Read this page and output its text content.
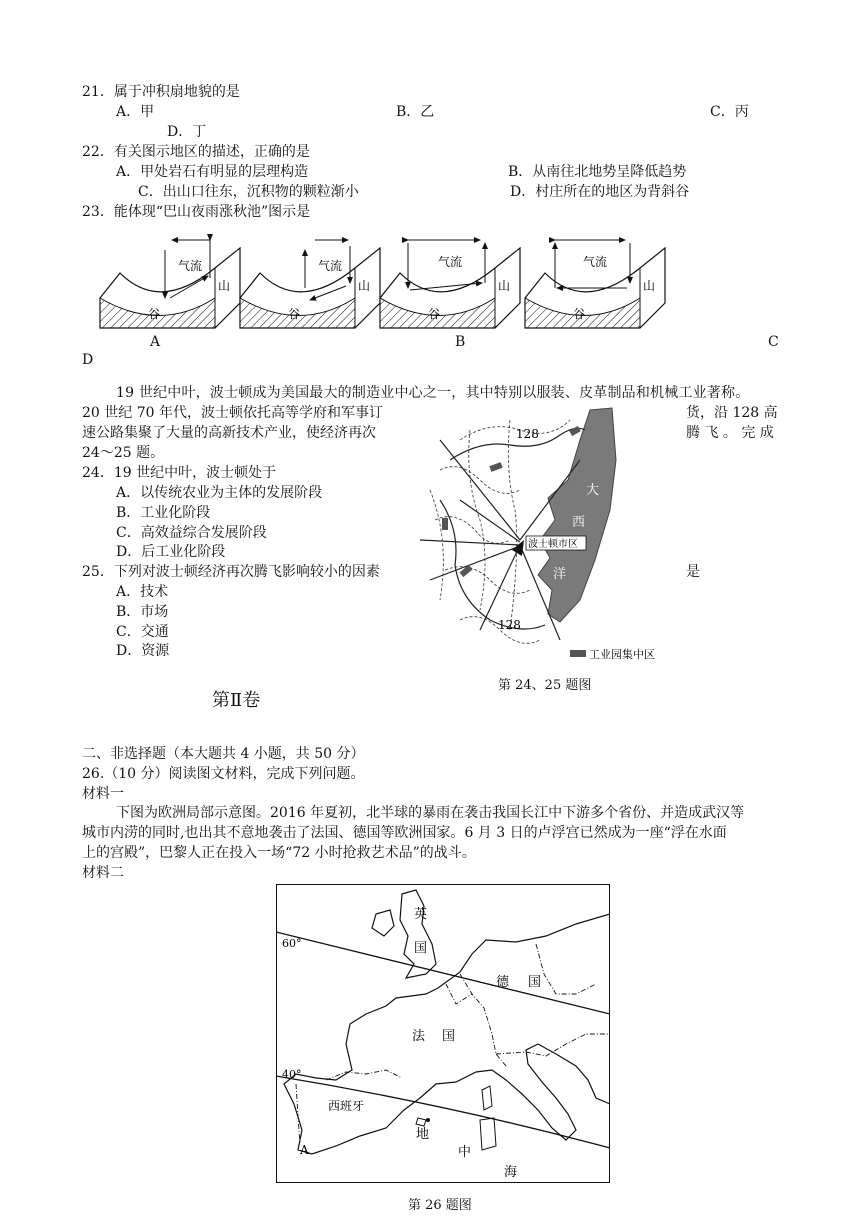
21．属于冲积扇地貌的是
A．甲	B．乙	C．丙
D．丁
22．有关图示地区的描述，正确的是
A．甲处岩石有明显的层理构造	B．从南往北地势呈降低趋势
C．出山口往东，沉积物的颗粒渐小	D．村庄所在的地区为背斜谷
23．能体现“巴山夜雨涨秋池”图示是
气流
山
谷
气流
山
谷
气流
山
谷
气流
山
谷
A	B	C
D
19 世纪中叶，波士顿成为美国最大的制造业中心之一，其中特别以服装、皮革制品和机械工业著称。
20 世纪 70 年代，波士顿依托高等学府和军事订	货，沿 128 高
速公路集聚了大量的高新技术产业，使经济再次	腾 飞 。 完 成
24～25 题。
24．19 世纪中叶，波士顿处于
A．以传统农业为主体的发展阶段
B．工业化阶段
C．高效益综合发展阶段
D．后工业化阶段
25．下列对波士顿经济再次腾飞影响较小的因素	是
A．技术
B．市场
C．交通
D．资源
波士顿市区
128
128
大
西
洋
工业园集中区
第 24、25 题图
第Ⅱ卷
二、非选择题（本大题共 4 小题，共 50 分）
26.（10 分）阅读图文材料，完成下列问题。
材料一
下图为欧洲局部示意图。2016 年夏初，北半球的暴雨在袭击我国长江中下游多个省份、并造成武汉等
城市内涝的同时,也出其不意地袭击了法国、德国等欧洲国家。6 月 3 日的卢浮宫已然成为一座“浮在水面
上的宫殿”，巴黎人正在投入一场“72 小时抢救艺术品”的战斗。
材料二
60°
40°
英
国
德 国
法 国
西班牙
地
中
海
A
第 26 题图
